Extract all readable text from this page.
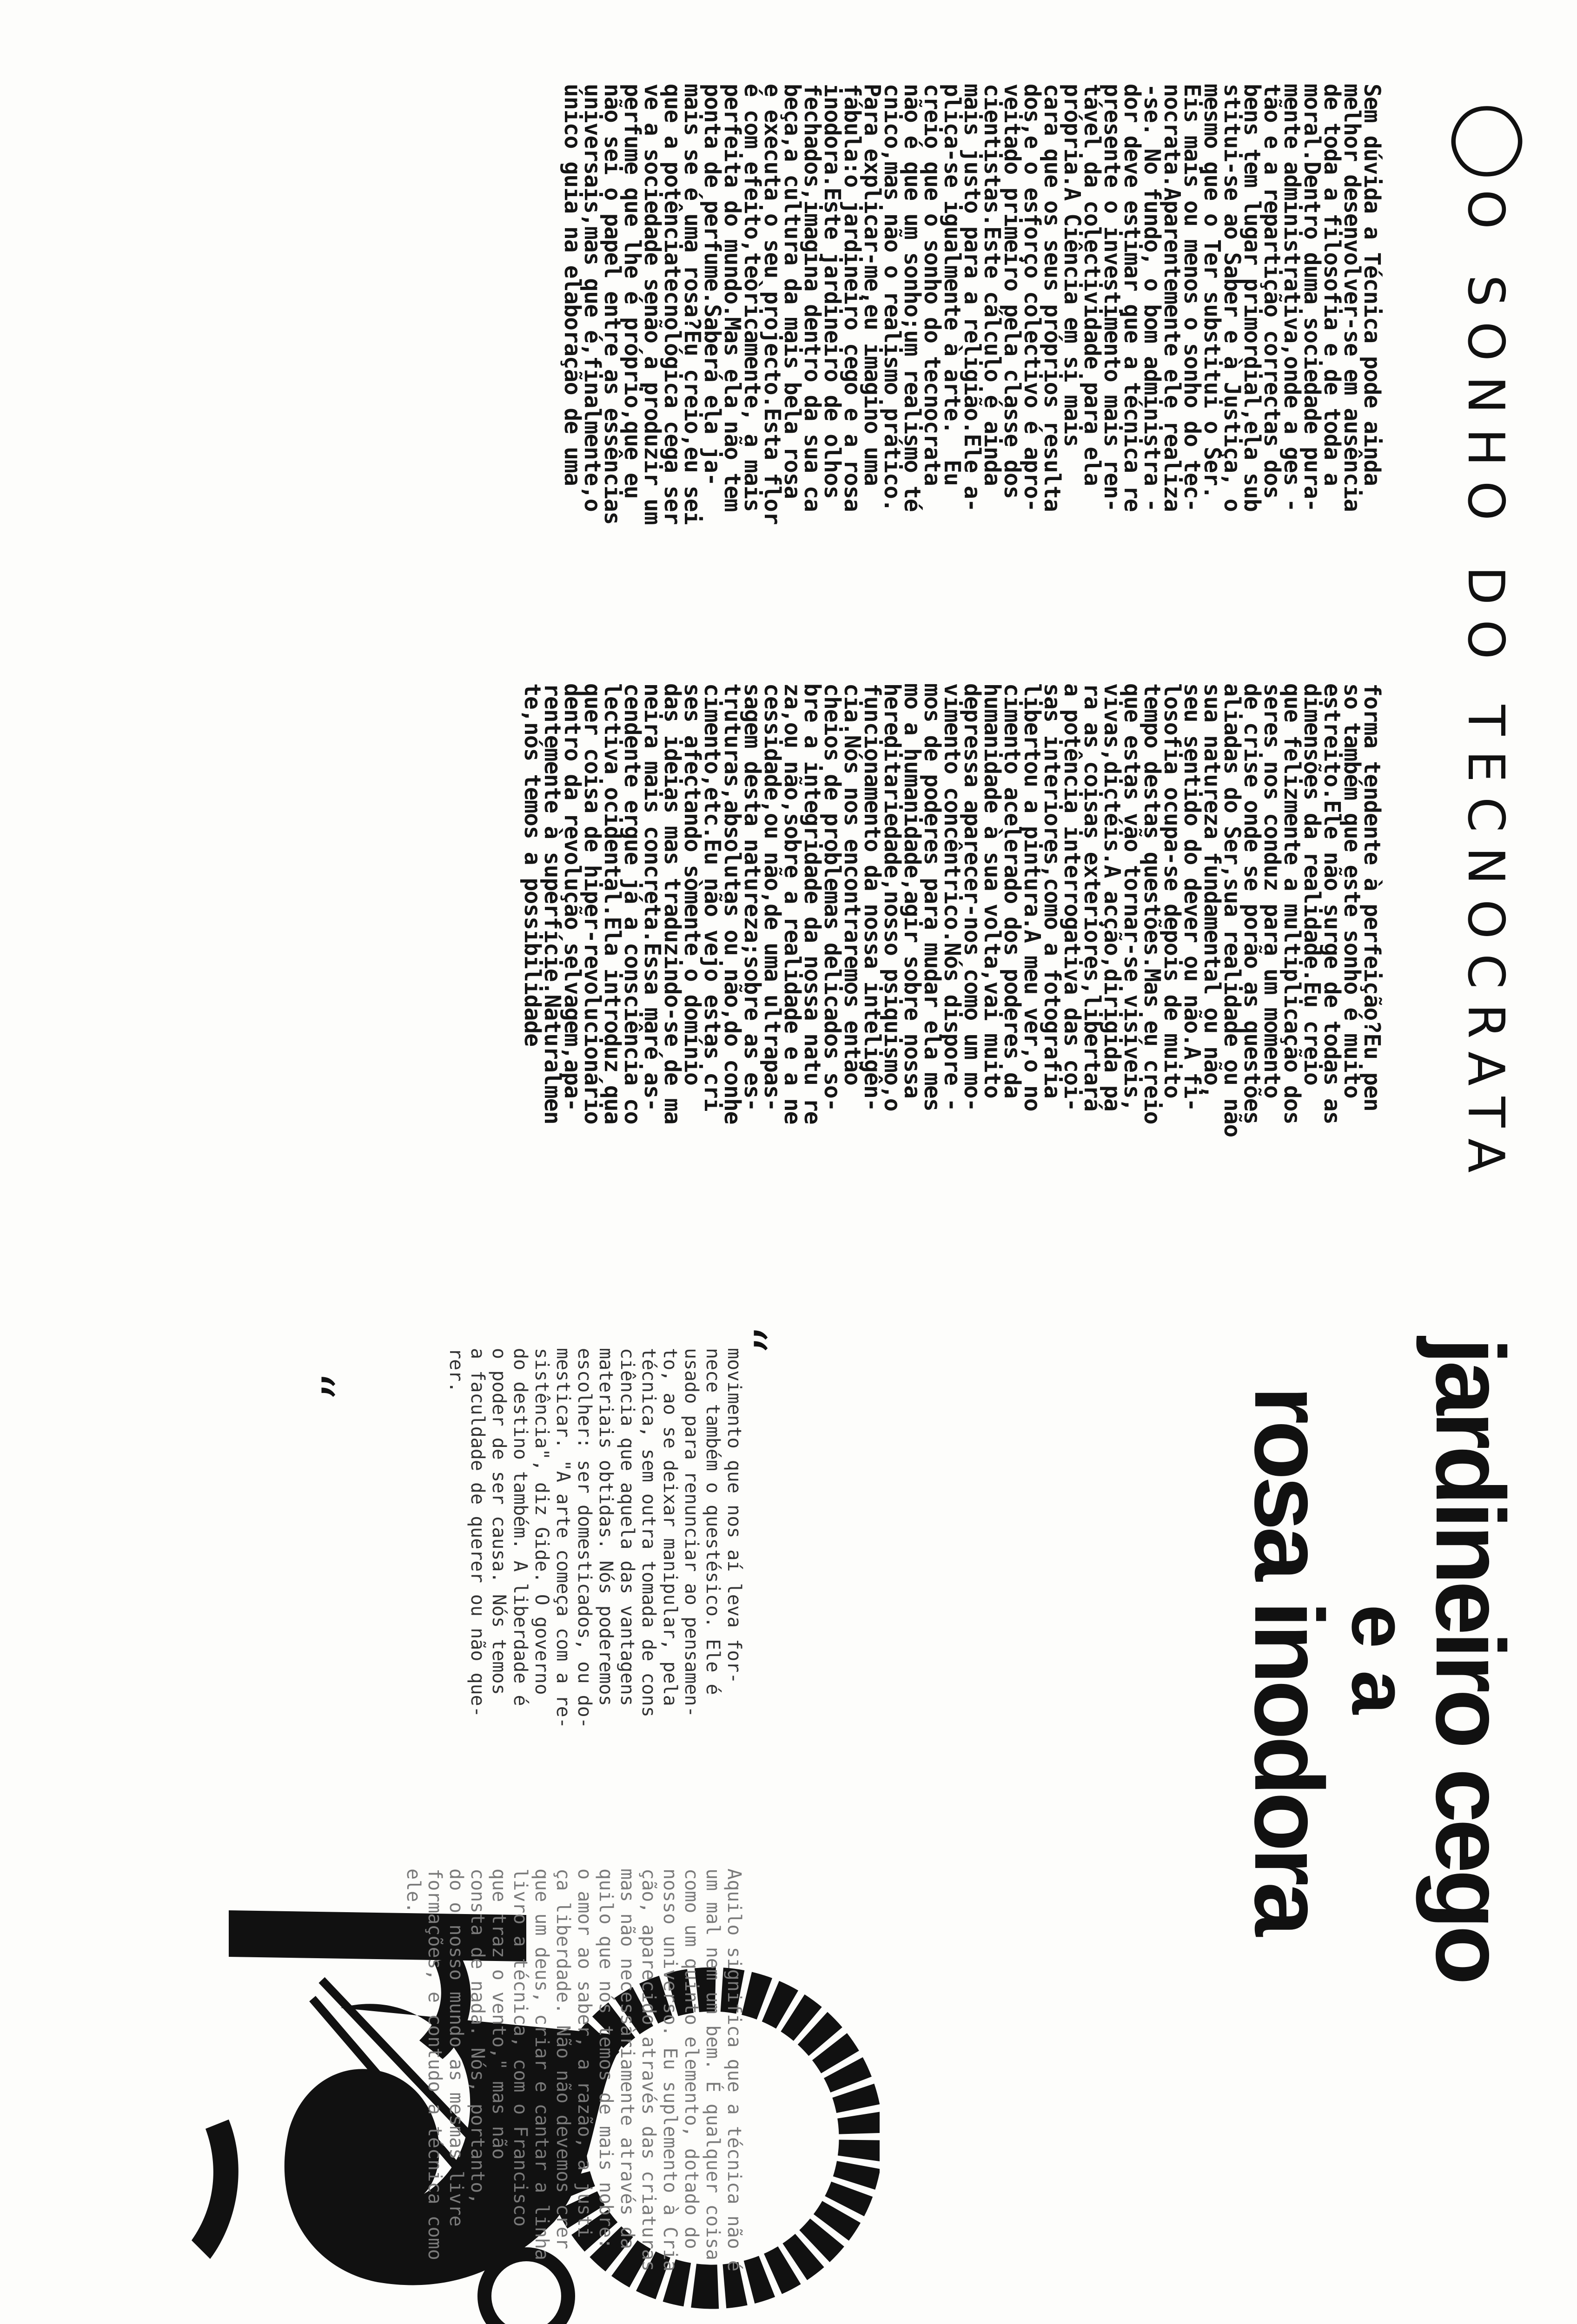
◯O SONHO DO TECNOCRATA
Sem dúvida a Técnica pode ainda
melhor desenvolver-se em ausência
de toda a filosofia e de toda a
moral.Dentro duma sociedade pura-
mente administrativa,onde a ges -
tão e a repartição correctas dos
bens tem lugar primordial,ela sub
stitui-se ao Saber e à Justiça, o
mesmo que o Ter substitui o Ser.
Eis mais ou menos o sonho do tec-
nocrata.Aparentemente ele realiza
-se. No fundo, o bom administra -
dor deve estimar que a técnica re
presente o investimento mais ren-
tável da colectividade para ela
própria.A Ciência em si mais
cara que os seus próprios resulta
dos,e o esforço colectivo é apro-
veitado primeiro pela classe dos
cientistas.Este cálculo é ainda
mais justo para a religião.Ele a-
plica-se igualmente à arte.  Eu
creio que o sonho do tecnocrata
não é que um sonho;um realismo té
cnico,mas não o realismo prático.
Para explicar-me,eu imagino uma
fábula:o jardineiro cego e a rosa
inodora.Este jardineiro de olhos
fechados,imagina dentro da sua ca
beça,a cultura da mais bela rosa
e executa o seu projecto.Esta flor
é com efeito,teòricamente, a mais
perfeita do mundo.Mas ela não tem
ponta de perfume.Saberá ela ja-
mais se é uma rosa?Eu creio,eu sei
que a potênciatecnológica cega ser
ve a sociedade senão a produzir um
perfume que lhe é próprio,que eu
não sei o papel entre as essências
universais,mas que é,finalmente,o
único guia na elaboração de uma
forma tendente à perfeição?Eu pen
so também que este sonho é muito
estreito.Ele não surge de todas as
dimensões da realidade.Eu creio
que felizmente a multiplicação dos
seres nos conduz para um momento
de crise onde se porão as questões
aliadas do Ser,sua realidade ou não
sua natureza fundamental ou não,
seu sentido do dever ou não.A fi-
losofia ocupa-se depois de muito
tempo destas questões.Mas eu creio
que estas vão tornar-se visíveis,
vivas,dictéis.A acção,dirigida pa
ra as coisas exteriores,libertará
a potência interrogativa das coi-
sas interiores,como a fotografia
libertou a pintura.A meu ver,o no
cimento acelerado dos poderes da
humanidade à sua volta,vai muito
depressa aparecer-nos como um mo-
vimento concêntrico.Nós dispore -
mos de poderes para mudar ela mes
mo a humanidade,agir sobre nossa
hereditariedade,nosso psiquismo,o
funcionamento da nossa inteligên-
cia.Nós nos encontraremos então
cheios de problemas delicados so-
bre a integridade da nossa natu re
za,ou não,sobre a realidade e a ne
cessidade,ou não,de uma ultrapas-
sagem desta natureza;sobre as es-
truturas,absolutas ou não,do conhe
cimento,etc.Eu não vejo estas cri
ses afectando sòmente o domínio
das ideias mas traduzindo-se de ma
neira mais concreta.Essa maré as-
cendente ergue já a consciência co
lectiva ocidental.Ela introduz qua
quer coisa de hiper-revolucionário
dentro da revolução selvagem,apa-
rentemente à superfície.Naturalmen
te,nós temos a possibilidade
jardineiro cego
e a
rosa inodora
“
“	movimento que nos aí leva for-
nece também o questésico. Ele é
usado para renunciar ao pensamen-
to, ao se deixar manipular, pela
técnica, sem outra tomada de cons
ciência que aquela das vantagens
materiais obtidas. Nós poderemos
escolher: ser domesticados, ou do-
mesticar. "A arte começa com a re-
sistência", diz Gide. O governo
do destino também. A liberdade é
o poder de ser causa. Nós temos
a faculdade de querer ou não que-
rer.
Aquilo significa que a técnica não é
um mal nem um bem. É qualquer coisa
como um quinto elemento, dotado do
nosso universo. Eu suplemento à Cria
ção, aparecido através das criaturas
mas não necessàriamente através da
quilo que nós temos de mais nobre:
o amor ao saber, a razão, a justi
ça liberdade. Não não devemos crer
que um deus, criar e cantar a linha
livro a técnica, com o Francisco
que traz o vento," mas não
consta de nada. Nós, portanto,
do o nosso mundo as mesmas livre
formações, e contudo a técnica como
ele.
